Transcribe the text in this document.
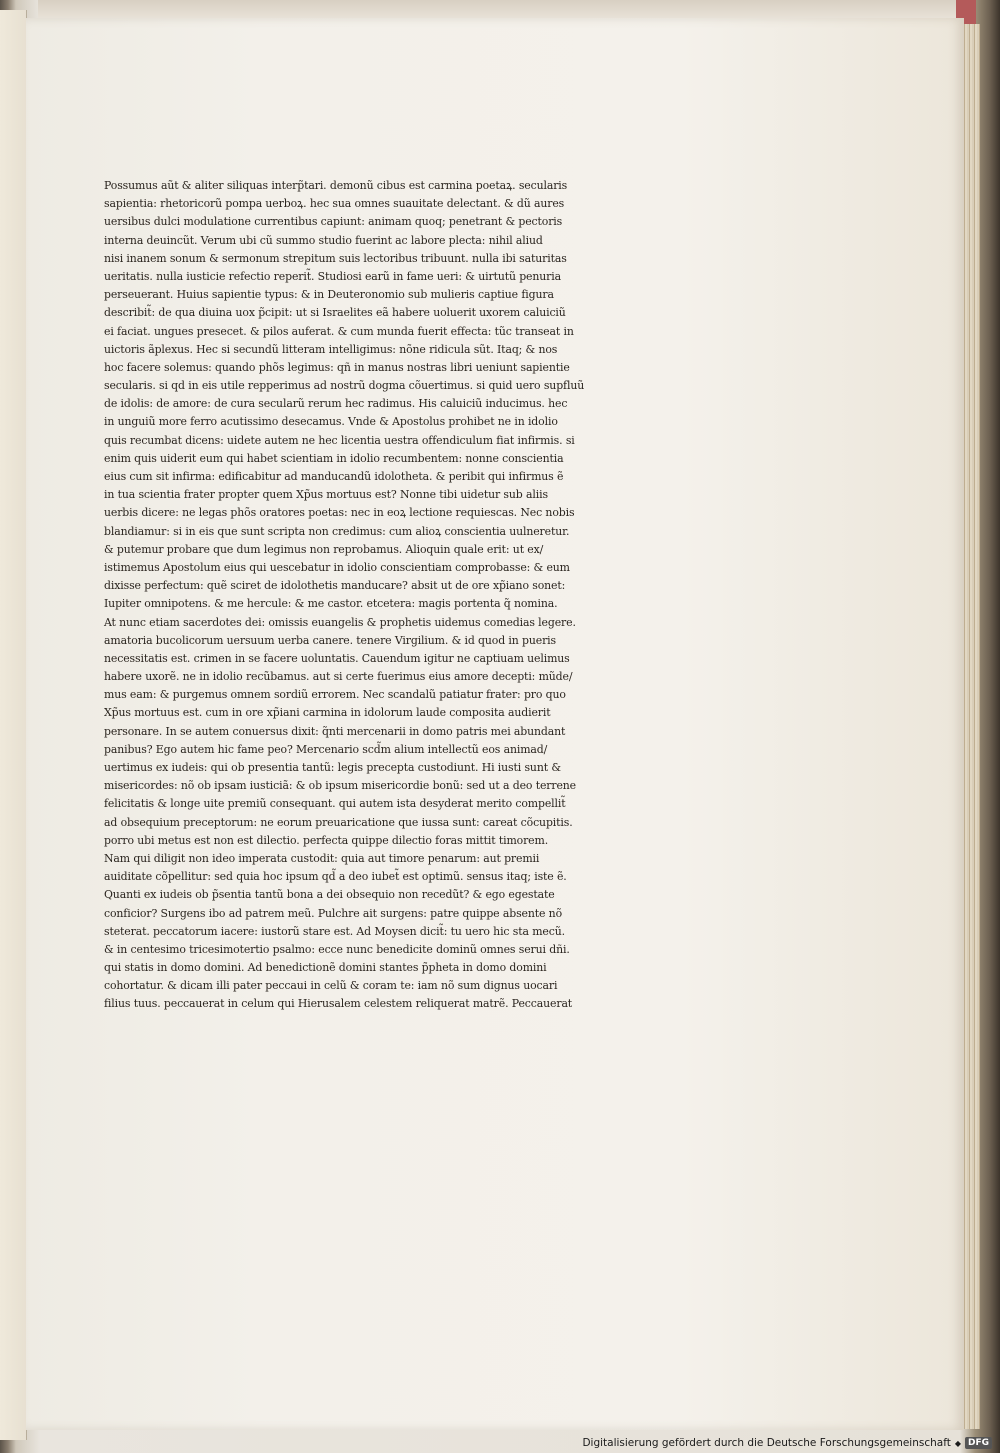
Possumus aũt & aliter siliquas interp̃tari. demonũ cibus est carmina poetaꝝ. secularis
sapientia: rhetoricorũ pompa uerboꝝ. hec sua omnes suauitate delectant. & dũ aures
uersibus dulci modulatione currentibus capiunt: animam quoq; penetrant & pectoris
interna deuincũt. Verum ubi cũ summo studio fuerint ac labore plecta: nihil aliud
nisi inanem sonum & sermonum strepitum suis lectoribus tribuunt. nulla ibi saturitas
ueritatis. nulla iusticie refectio reperit̃. Studiosi earũ in fame ueri: & uirtutũ penuria
perseuerant. Huius sapientie typus: & in Deuteronomio sub mulieris captiue figura
describit̃: de qua diuina uox p̃cipit: ut si Israelites eã habere uoluerit uxorem caluiciũ
ei faciat. ungues presecet. & pilos auferat. & cum munda fuerit effecta: tũc transeat in
uictoris ãplexus. Hec si secundũ litteram intelligimus: nõne ridicula sũt. Itaq; & nos
hoc facere solemus: quando phõs legimus: qñ in manus nostras libri ueniunt sapientie
secularis. si qd in eis utile repperimus ad nostrũ dogma cõuertimus. si quid uero supfluũ
de idolis: de amore: de cura secularũ rerum hec radimus. His caluiciũ inducimus. hec
in unguiũ more ferro acutissimo desecamus. Vnde & Apostolus prohibet ne in idolio
quis recumbat dicens: uidete autem ne hec licentia uestra offendiculum fiat infirmis. si
enim quis uiderit eum qui habet scientiam in idolio recumbentem: nonne conscientia
eius cum sit infirma: edificabitur ad manducandũ idolotheta. & peribit qui infirmus ẽ
in tua scientia frater propter quem Xp̃us mortuus est? Nonne tibi uidetur sub aliis
uerbis dicere: ne legas phõs oratores poetas: nec in eoꝝ lectione requiescas. Nec nobis
blandiamur: si in eis que sunt scripta non credimus: cum alioꝝ conscientia uulneretur.
& putemur probare que dum legimus non reprobamus. Alioquin quale erit: ut ex/
istimemus Apostolum eius qui uescebatur in idolio conscientiam comprobasse: & eum
dixisse perfectum: quẽ sciret de idolothetis manducare? absit ut de ore xp̃iano sonet:
Iupiter omnipotens. & me hercule: & me castor. etcetera: magis portenta q̃ nomina.
At nunc etiam sacerdotes dei: omissis euangelis & prophetis uidemus comedias legere.
amatoria bucolicorum uersuum uerba canere. tenere Virgilium. & id quod in pueris
necessitatis est. crimen in se facere uoluntatis. Cauendum igitur ne captiuam uelimus
habere uxorẽ. ne in idolio recũbamus. aut si certe fuerimus eius amore decepti: mũde/
mus eam: & purgemus omnem sordiũ errorem. Nec scandalũ patiatur frater: pro quo
Xp̃us mortuus est. cum in ore xp̃iani carmina in idolorum laude composita audierit
personare. In se autem conuersus dixit: q̃nti mercenarii in domo patris mei abundant
panibus? Ego autem hic fame peo? Mercenario scd̃m alium intellectũ eos animad/
uertimus ex iudeis: qui ob presentia tantũ: legis precepta custodiunt. Hi iusti sunt &
misericordes: nõ ob ipsam iusticiã: & ob ipsum misericordie bonũ: sed ut a deo terrene
felicitatis & longe uite premiũ consequant. qui autem ista desyderat merito compellit̃
ad obsequium preceptorum: ne eorum preuaricatione que iussa sunt: careat cõcupitis.
porro ubi metus est non est dilectio. perfecta quippe dilectio foras mittit timorem.
Nam qui diligit non ideo imperata custodit: quia aut timore penarum: aut premii
auiditate cõpellitur: sed quia hoc ipsum qd̃ a deo iubet̃ est optimũ. sensus itaq; iste ẽ.
Quanti ex iudeis ob p̃sentia tantũ bona a dei obsequio non recedũt? & ego egestate
conficior? Surgens ibo ad patrem meũ. Pulchre ait surgens: patre quippe absente nõ
steterat. peccatorum iacere: iustorũ stare est. Ad Moysen dicit̃: tu uero hic sta mecũ.
& in centesimo tricesimotertio psalmo: ecce nunc benedicite dominũ omnes serui dñi.
qui statis in domo domini. Ad benedictionẽ domini stantes p̃pheta in domo domini
cohortatur. & dicam illi pater peccaui in celũ & coram te: iam nõ sum dignus uocari
filius tuus. peccauerat in celum qui Hierusalem celestem reliquerat matrẽ. Peccauerat
Digitalisierung gefördert durch die Deutsche Forschungsgemeinschaft ◆ DFG
